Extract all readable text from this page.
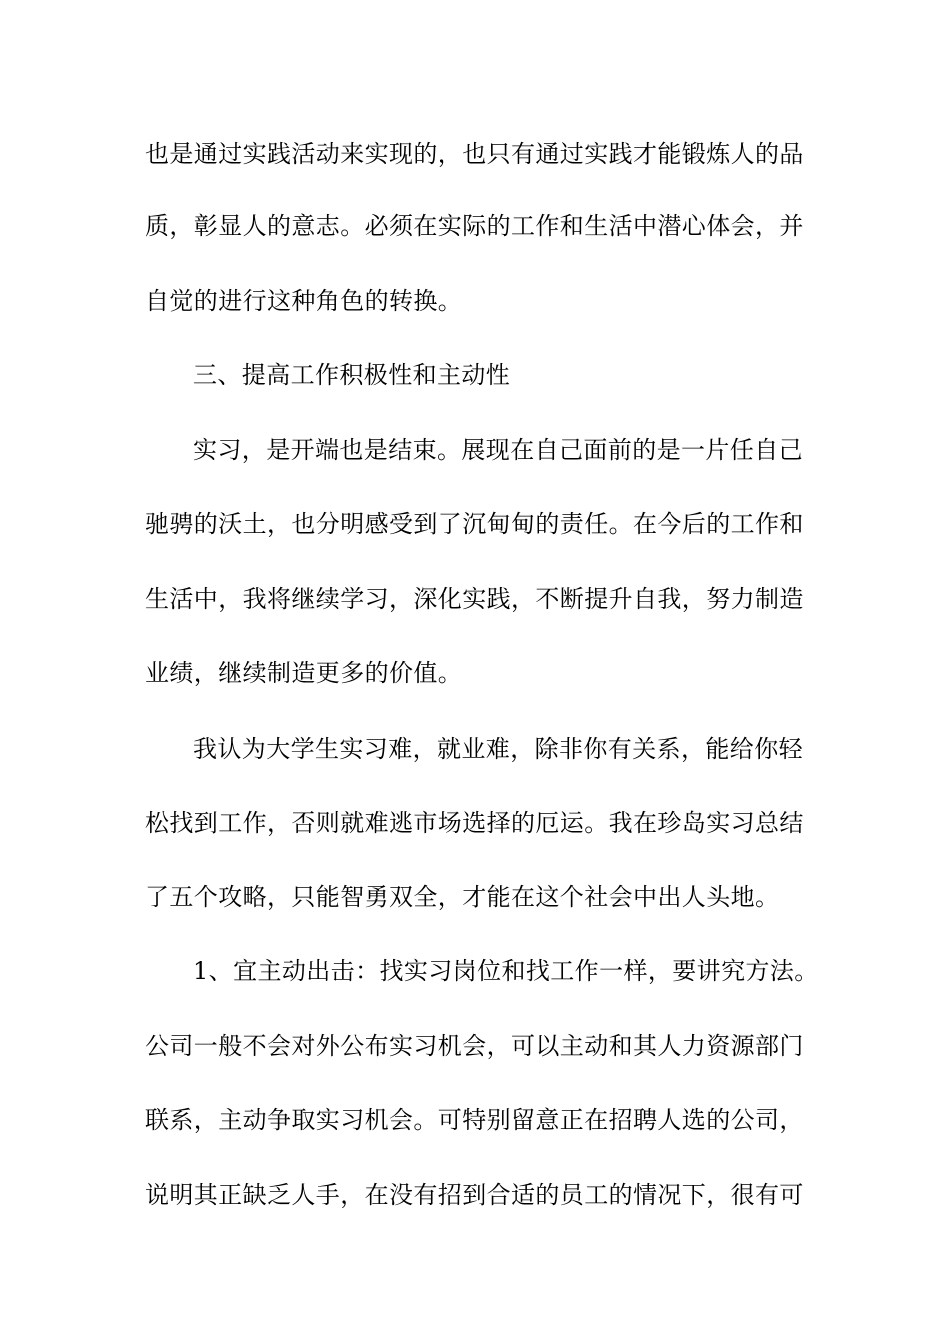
也是通过实践活动来实现的，也只有通过实践才能锻炼人的品
质，彰显人的意志。必须在实际的工作和生活中潜心体会，并
自觉的进行这种角色的转换。
三、提高工作积极性和主动性
实习，是开端也是结束。展现在自己面前的是一片任自己
驰骋的沃土，也分明感受到了沉甸甸的责任。在今后的工作和
生活中，我将继续学习，深化实践，不断提升自我，努力制造
业绩，继续制造更多的价值。
我认为大学生实习难，就业难，除非你有关系，能给你轻
松找到工作，否则就难逃市场选择的厄运。我在珍岛实习总结
了五个攻略，只能智勇双全，才能在这个社会中出人头地。
1、宜主动出击：找实习岗位和找工作一样，要讲究方法。
公司一般不会对外公布实习机会，可以主动和其人力资源部门
联系，主动争取实习机会。可特别留意正在招聘人选的公司，
说明其正缺乏人手，在没有招到合适的员工的情况下，很有可
